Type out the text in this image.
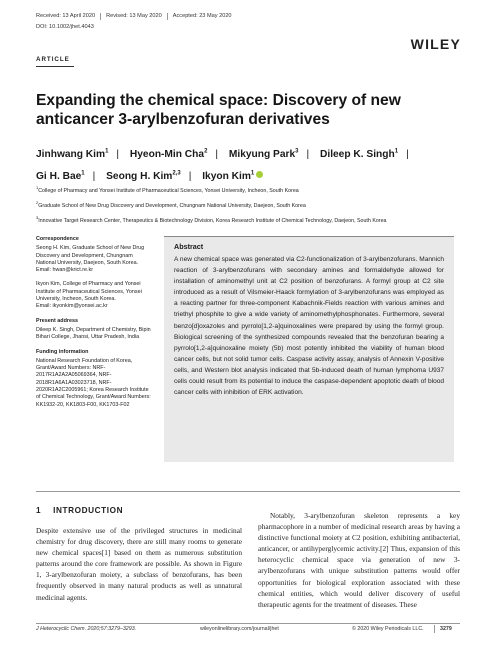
Received: 13 April 2020 Revised: 13 May 2020 Accepted: 23 May 2020
DOI: 10.1002/jhet.4043
WILEY
ARTICLE
Expanding the chemical space: Discovery of new anticancer 3-arylbenzofuran derivatives
Jinhwang Kim$^1$ | Hyeon-Min Cha$^2$ | Mikyung Park$^3$ | Dileep K. Singh$^1$ |
Gi H. Bae$^1$ | Seong H. Kim$^{2,3}$ | Ikyon Kim$^1$
$^1$College of Pharmacy and Yonsei Institute of Pharmaceutical Sciences, Yonsei University, Incheon, South Korea
$^2$Graduate School of New Drug Discovery and Development, Chungnam National University, Daejeon, South Korea
$^3$Innovative Target Research Center, Therapeutics & Biotechnology Division, Korea Research Institute of Chemical Technology, Daejeon, South Korea
Correspondence
Seong H. Kim, Graduate School of New Drug Discovery and Development, Chungnam National University, Daejeon, South Korea.
Email: hwan@krict.re.kr
Ikyon Kim, College of Pharmacy and Yonsei Institute of Pharmaceutical Sciences, Yonsei University, Incheon, South Korea.
Email: ikyonkim@yonsei.ac.kr
Present address
Dileep K. Singh, Department of Chemistry, Bipin Bihari College, Jhansi, Uttar Pradesh, India
Funding information
National Research Foundation of Korea, Grant/Award Numbers: NRF-2017R1A2A2A05069364, NRF-2018R1A6A1A03023718, NRF-2020R1A2C2005961; Korea Research Institute of Chemical Technology, Grant/Award Numbers: KK1932-20, KK1803-F00, KK1703-F02
Abstract
A new chemical space was generated via C2-functionalization of 3-arylbenzofurans. Mannich reaction of 3-arylbenzofurans with secondary amines and formaldehyde allowed for installation of aminomethyl unit at C2 position of benzofurans. A formyl group at C2 site introduced as a result of Vilsmeier-Haack formylation of 3-arylbenzofurans was employed as a reacting partner for three-component Kabachnik-Fields reaction with various amines and triethyl phosphite to give a wide variety of aminomethylphosphonates. Furthermore, several benzo[d]oxazoles and pyrrolo[1,2-a]quinoxalines were prepared by using the formyl group. Biological screening of the synthesized compounds revealed that the benzofuran bearing a pyrrolo[1,2-a]quinoxaline moiety (5b) most potently inhibited the viability of human blood cancer cells, but not solid tumor cells. Caspase activity assay, analysis of Annexin V-positive cells, and Western blot analysis indicated that 5b-induced death of human lymphoma U937 cells could result from its potential to induce the caspase-dependent apoptotic death of blood cancer cells with inhibition of ERK activation.
1 INTRODUCTION
Despite extensive use of the privileged structures in medicinal chemistry for drug discovery, there are still many rooms to generate new chemical spaces[1] based on them as numerous substitution patterns around the core framework are possible. As shown in Figure 1, 3-arylbenzofuran moiety, a subclass of benzofurans, has been frequently observed in many natural products as well as unnatural medicinal agents.
Notably, 3-arylbenzofuran skeleton represents a key pharmacophore in a number of medicinal research areas by having a distinctive functional moiety at C2 position, exhibiting antibacterial, anticancer, or antihyperglycemic activity.[2] Thus, expansion of this heterocyclic chemical space via generation of new 3-arylbenzofurans with unique substitution patterns would offer opportunities for biological exploration associated with these chemical entities, which would deliver discovery of useful therapeutic agents for the treatment of diseases. These
J Heterocyclic Chem. 2020;57:3279–3293.	wileyonlinelibrary.com/journal/jhet	© 2020 Wiley Periodicals LLC.	3279
